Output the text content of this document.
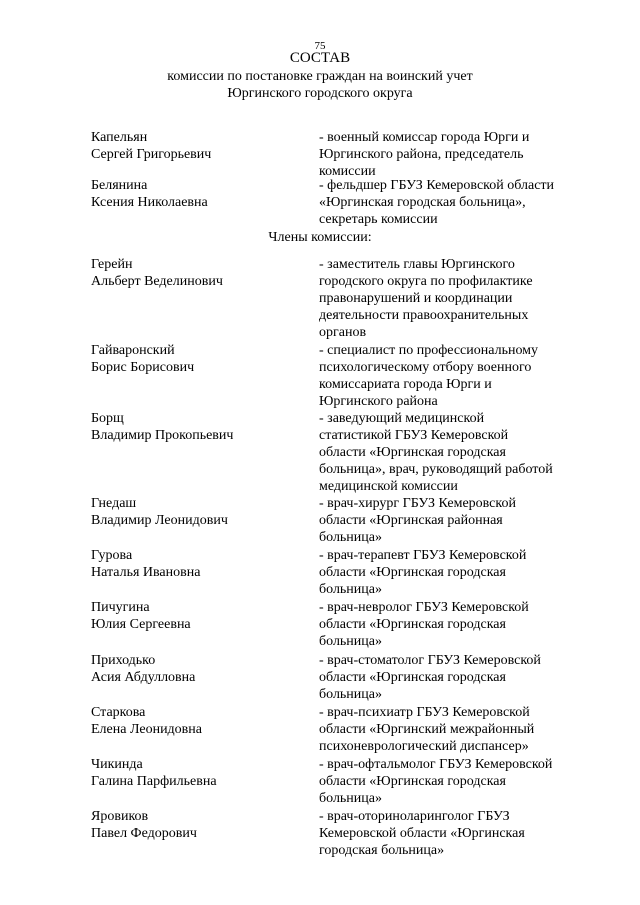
75
СОСТАВ
комиссии по постановке граждан на воинский учет
Юргинского городского округа
Капельян
Сергей Григорьевич
- военный комиссар города Юрги и
Юргинского района, председатель
комиссии
Белянина
Ксения Николаевна
- фельдшер ГБУЗ Кемеровской области
«Юргинская городская больница»,
секретарь комиссии
Члены комиссии:
Герейн
Альберт Веделинович
- заместитель главы Юргинского
городского округа по профилактике
правонарушений и координации
деятельности правоохранительных
органов
Гайваронский
Борис Борисович
- специалист по профессиональному
психологическому отбору военного
комиссариата города Юрги и
Юргинского района
Борщ
Владимир Прокопьевич
- заведующий медицинской
статистикой ГБУЗ Кемеровской
области «Юргинская городская
больница», врач, руководящий работой
медицинской комиссии
Гнедаш
Владимир Леонидович
- врач-хирург ГБУЗ Кемеровской
области «Юргинская районная
больница»
Гурова
Наталья Ивановна
- врач-терапевт ГБУЗ Кемеровской
области «Юргинская городская
больница»
Пичугина
Юлия Сергеевна
- врач-невролог ГБУЗ Кемеровской
области «Юргинская городская
больница»
Приходько
Асия Абдулловна
- врач-стоматолог ГБУЗ Кемеровской
области «Юргинская городская
больница»
Старкова
Елена Леонидовна
- врач-психиатр ГБУЗ Кемеровской
области «Юргинский межрайонный
психоневрологический диспансер»
Чикинда
Галина Парфильевна
- врач-офтальмолог ГБУЗ Кемеровской
области «Юргинская городская
больница»
Яровиков
Павел Федорович
- врач-оториноларинголог ГБУЗ
Кемеровской области «Юргинская
городская больница»
